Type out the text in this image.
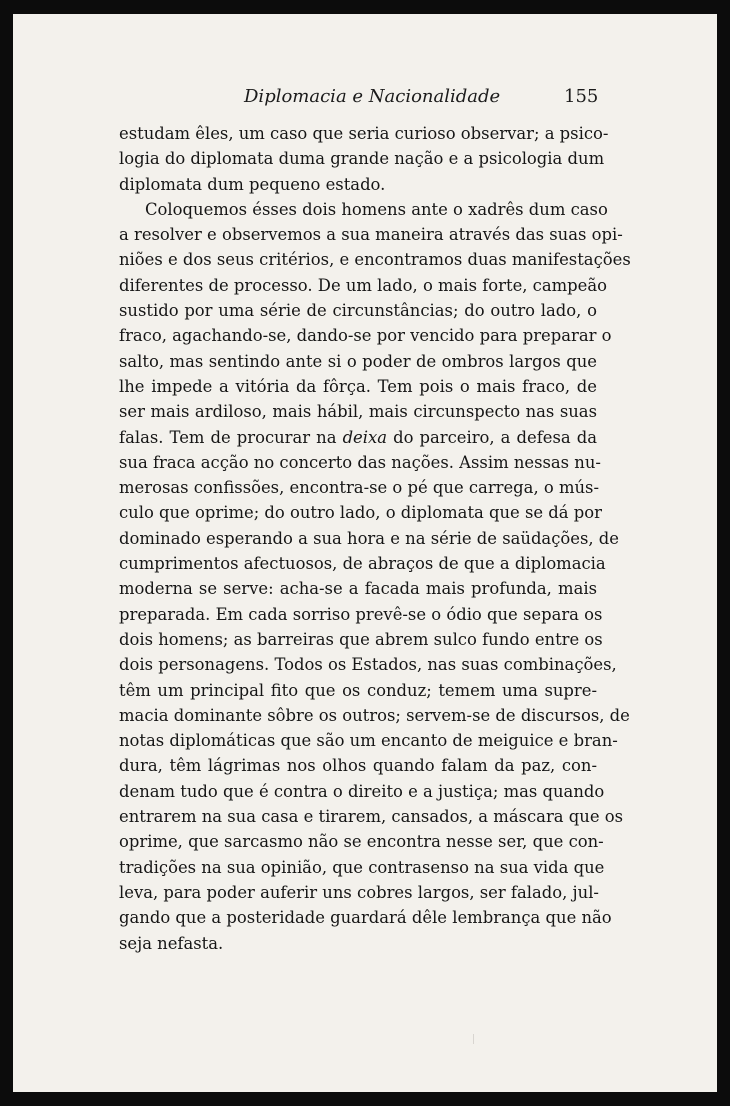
Diplomacia e Nacionalidade	155
estudam êles, um caso que seria curioso observar; a psico-
logia do diplomata duma grande nação e a psicologia dum
diplomata dum pequeno estado.
Coloquemos ésses dois homens ante o xadrês dum caso
a resolver e observemos a sua maneira através das suas opi-
niões e dos seus critérios, e encontramos duas manifestações
diferentes de processo. De um lado, o mais forte, campeão
sustido por uma série de circunstâncias; do outro lado, o
fraco, agachando-se, dando-se por vencido para preparar o
salto, mas sentindo ante si o poder de ombros largos que
lhe impede a vitória da fôrça. Tem pois o mais fraco, de
ser mais ardiloso, mais hábil, mais circunspecto nas suas
falas. Tem de procurar na deixa do parceiro, a defesa da
sua fraca acção no concerto das nações. Assim nessas nu-
merosas confissões, encontra-se o pé que carrega, o mús-
culo que oprime; do outro lado, o diplomata que se dá por
dominado esperando a sua hora e na série de saüdações, de
cumprimentos afectuosos, de abraços de que a diplomacia
moderna se serve: acha-se a facada mais profunda, mais
preparada. Em cada sorriso prevê-se o ódio que separa os
dois homens; as barreiras que abrem sulco fundo entre os
dois personagens. Todos os Estados, nas suas combinações,
têm um principal fito que os conduz; temem uma supre-
macia dominante sôbre os outros; servem-se de discursos, de
notas diplomáticas que são um encanto de meiguice e bran-
dura, têm lágrimas nos olhos quando falam da paz, con-
denam tudo que é contra o direito e a justiça; mas quando
entrarem na sua casa e tirarem, cansados, a máscara que os
oprime, que sarcasmo não se encontra nesse ser, que con-
tradições na sua opinião, que contrasenso na sua vida que
leva, para poder auferir uns cobres largos, ser falado, jul-
gando que a posteridade guardará dêle lembrança que não
seja nefasta.
